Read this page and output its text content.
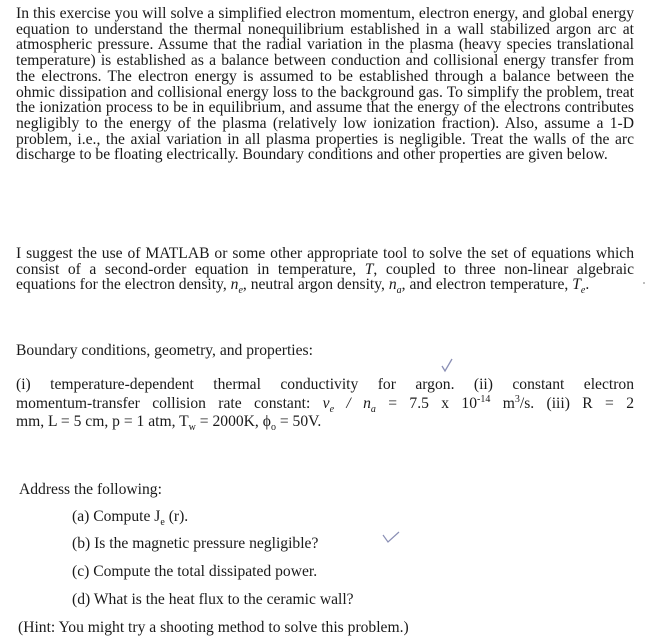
In this exercise you will solve a simplified electron momentum, electron energy, and global energy equation to understand the thermal nonequilibrium established in a wall stabilized argon arc at atmospheric pressure. Assume that the radial variation in the plasma (heavy species translational temperature) is established as a balance between conduction and collisional energy transfer from the electrons. The electron energy is assumed to be established through a balance between the ohmic dissipation and collisional energy loss to the background gas. To simplify the problem, treat the ionization process to be in equilibrium, and assume that the energy of the electrons contributes negligibly to the energy of the plasma (relatively low ionization fraction). Also, assume a 1-D problem, i.e., the axial variation in all plasma properties is negligible. Treat the walls of the arc discharge to be floating electrically. Boundary conditions and other properties are given below.

I suggest the use of MATLAB or some other appropriate tool to solve the set of equations which consist of a second-order equation in temperature, T, coupled to three non-linear algebraic equations for the electron density, $n_e$, neutral argon density, $n_a$, and electron temperature, $T_e$.

Boundary conditions, geometry, and properties:

(i) temperature-dependent thermal conductivity for argon. (ii) constant electron
momentum-transfer collision rate constant: $\nu_e / n_a = 7.5$ x $10^{-14}$ $m^3/s$. (iii) R = 2
mm, L = 5 cm, p = 1 atm, $T_w = 2000K$, $\phi_o = 50V$.

Address the following:
(a) Compute $J_e$ (r).
(b) Is the magnetic pressure negligible?
(c) Compute the total dissipated power.
(d) What is the heat flux to the ceramic wall?
(Hint: You might try a shooting method to solve this problem.)
